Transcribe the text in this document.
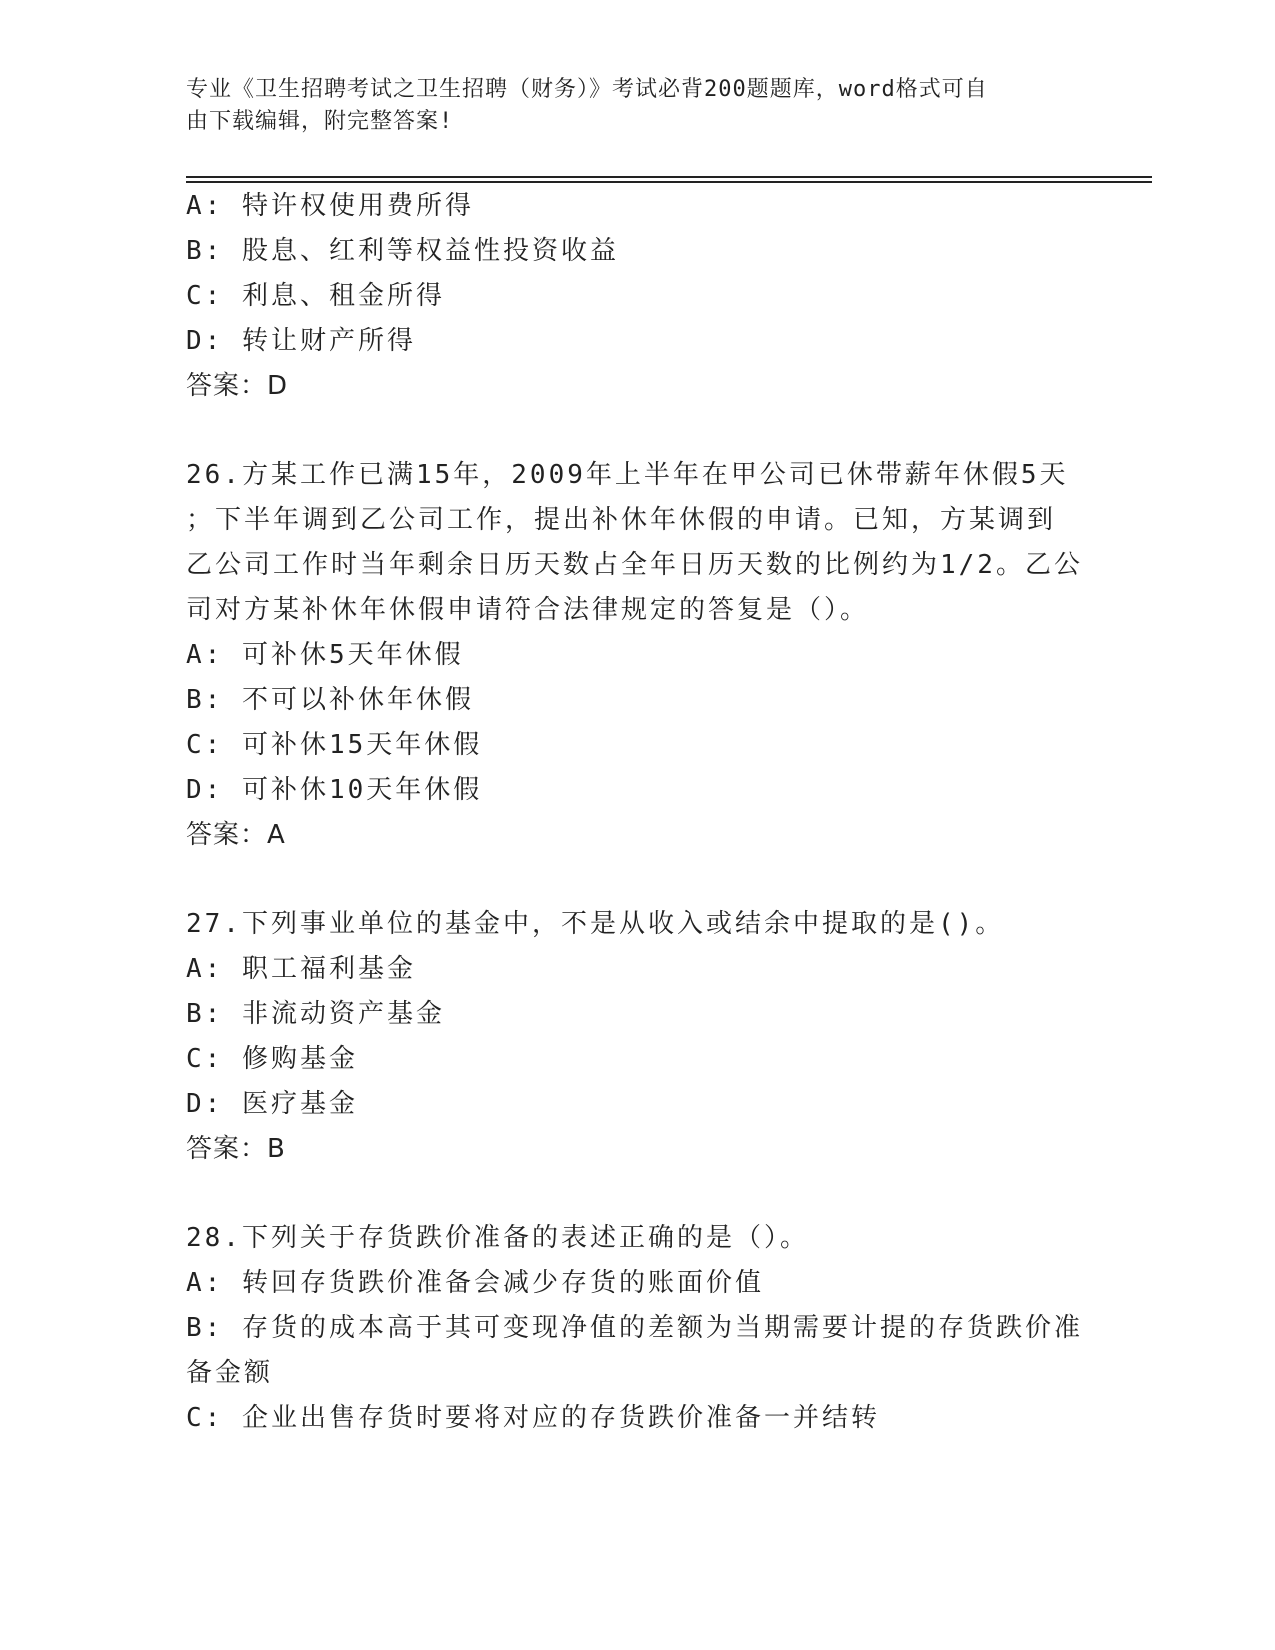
专业《卫生招聘考试之卫生招聘（财务）》考试必背200题题库，word格式可自
由下载编辑，附完整答案!
A: 特许权使用费所得
B: 股息、红利等权益性投资收益
C: 利息、租金所得
D: 转让财产所得
答案：D
26.方某工作已满15年，2009年上半年在甲公司已休带薪年休假5天
；下半年调到乙公司工作，提出补休年休假的申请。已知，方某调到
乙公司工作时当年剩余日历天数占全年日历天数的比例约为1/2。乙公
司对方某补休年休假申请符合法律规定的答复是（）。
A: 可补休5天年休假
B: 不可以补休年休假
C: 可补休15天年休假
D: 可补休10天年休假
答案：A
27.下列事业单位的基金中，不是从收入或结余中提取的是()。
A: 职工福利基金
B: 非流动资产基金
C: 修购基金
D: 医疗基金
答案：B
28.下列关于存货跌价准备的表述正确的是（）。
A: 转回存货跌价准备会减少存货的账面价值
B: 存货的成本高于其可变现净值的差额为当期需要计提的存货跌价准
备金额
C: 企业出售存货时要将对应的存货跌价准备一并结转
